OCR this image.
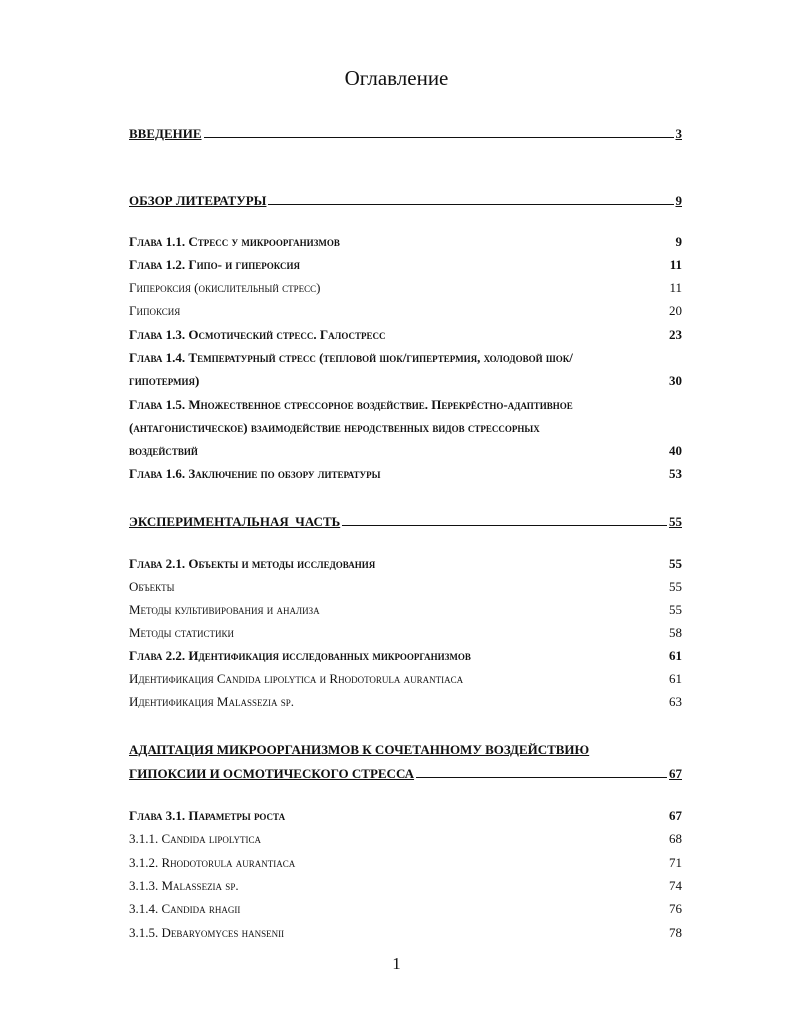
Оглавление
ВВЕДЕНИЕ	3
ОБЗОР ЛИТЕРАТУРЫ	9
Глава 1.1. Стресс у микроорганизмов	9
Глава 1.2. Гипо- и гипероксия	11
Гипероксия (окислительный стресс)	11
Гипоксия	20
Глава 1.3. Осмотический стресс. Галостресс	23
Глава 1.4. Температурный стресс (тепловой шок/гипертермия, холодовой шок/
гипотермия)	30
Глава 1.5. Множественное стрессорное воздействие. Перекрёстно-адаптивное
(антагонистическое) взаимодействие неродственных видов стрессорных
воздействий	40
Глава 1.6. Заключение по обзору литературы	53
ЭКСПЕРИМЕНТАЛЬНАЯ  ЧАСТЬ	55
Глава 2.1. Объекты и методы исследования	55
Объекты	55
Методы культивирования и анализа	55
Методы статистики	58
Глава 2.2. Идентификация исследованных микроорганизмов	61
Идентификация Candida lipolytica и Rhodotorula aurantiaca	61
Идентификация Malassezia sp.	63
АДАПТАЦИЯ МИКРООРГАНИЗМОВ К СОЧЕТАННОМУ ВОЗДЕЙСТВИЮ
ГИПОКСИИ И ОСМОТИЧЕСКОГО СТРЕССА	67
Глава 3.1. Параметры роста	67
3.1.1. Candida lipolytica	68
3.1.2. Rhodotorula aurantiaca	71
3.1.3. Malassezia sp.	74
3.1.4. Candida rhagii	76
3.1.5. Debaryomyces hansenii	78
1
